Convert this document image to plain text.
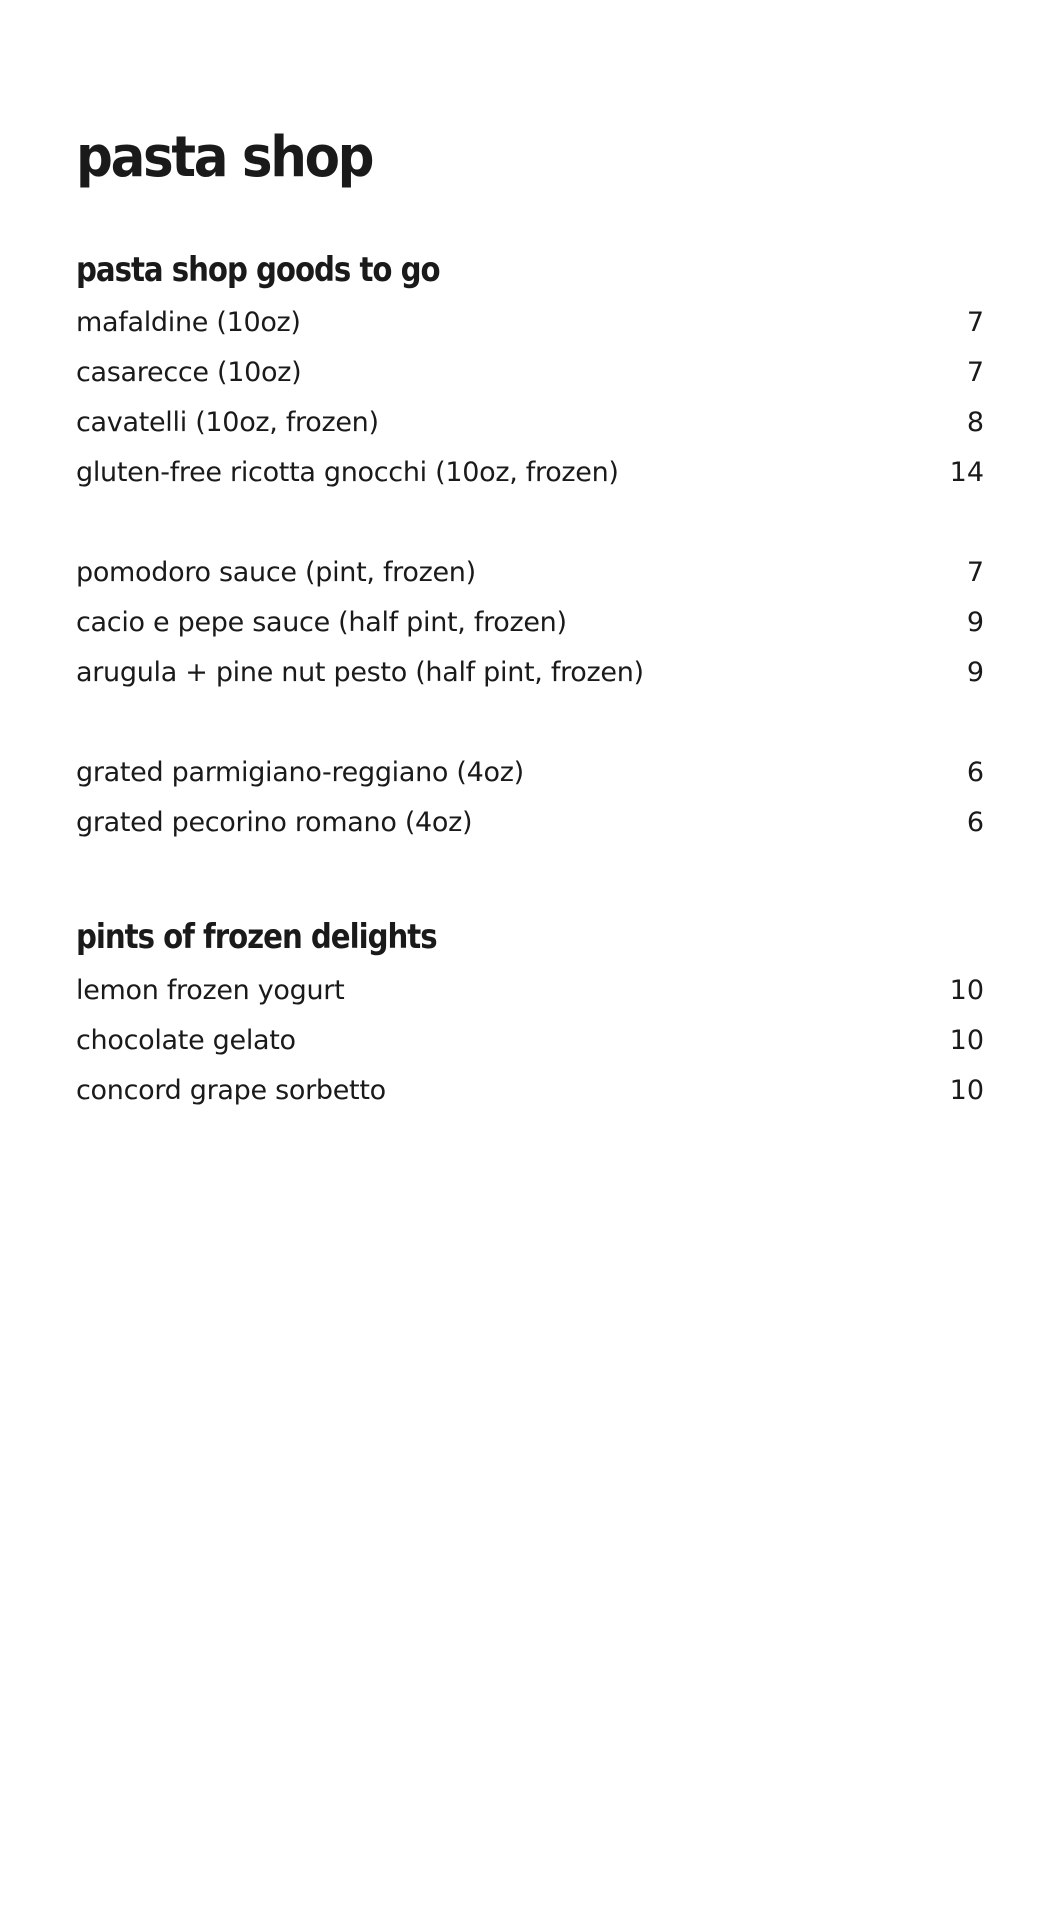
pasta shop
pasta shop goods to go
mafaldine (10oz)	7
casarecce (10oz)	7
cavatelli (10oz, frozen)	8
gluten-free ricotta gnocchi (10oz, frozen)	14
pomodoro sauce (pint, frozen)	7
cacio e pepe sauce (half pint, frozen)	9
arugula + pine nut pesto (half pint, frozen)	9
grated parmigiano-reggiano (4oz)	6
grated pecorino romano (4oz)	6
pints of frozen delights
lemon frozen yogurt	10
chocolate gelato	10
concord grape sorbetto	10
